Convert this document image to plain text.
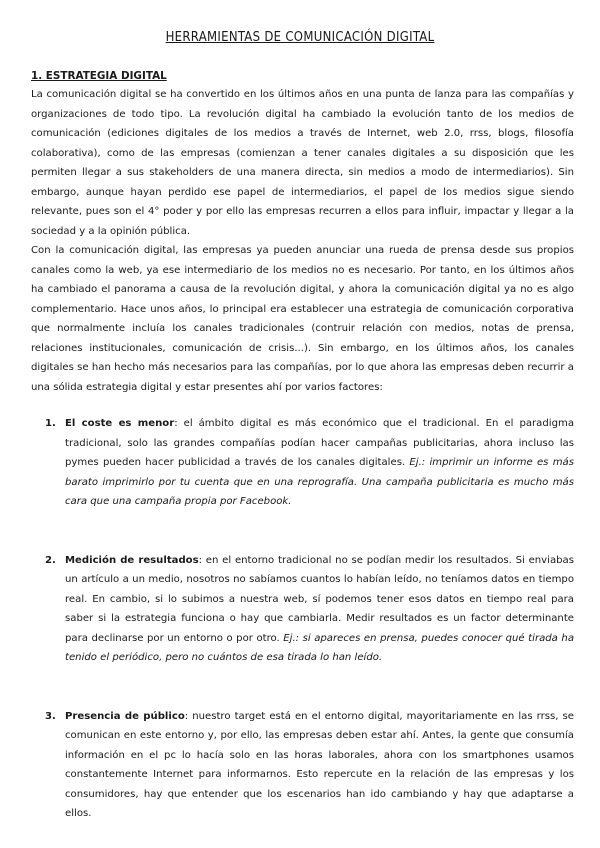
HERRAMIENTAS DE COMUNICACIÓN DIGITAL
1. ESTRATEGIA DIGITAL

La comunicación digital se ha convertido en los últimos años en una punta de lanza para las compañías y organizaciones de todo tipo. La revolución digital ha cambiado la evolución tanto de los medios de comunicación (ediciones digitales de los medios a través de Internet, web 2.0, rrss, blogs, filosofía colaborativa), como de las empresas (comienzan a tener canales digitales a su disposición que les permiten llegar a sus stakeholders de una manera directa, sin medios a modo de intermediarios). Sin embargo, aunque hayan perdido ese papel de intermediarios, el papel de los medios sigue siendo relevante, pues son el 4° poder y por ello las empresas recurren a ellos para influir, impactar y llegar a la sociedad y a la opinión pública.

Con la comunicación digital, las empresas ya pueden anunciar una rueda de prensa desde sus propios canales como la web, ya ese intermediario de los medios no es necesario. Por tanto, en los últimos años ha cambiado el panorama a causa de la revolución digital, y ahora la comunicación digital ya no es algo complementario. Hace unos años, lo principal era establecer una estrategia de comunicación corporativa que normalmente incluía los canales tradicionales (contruir relación con medios, notas de prensa, relaciones institucionales, comunicación de crisis...). Sin embargo, en los últimos años, los canales digitales se han hecho más necesarios para las compañías, por lo que ahora las empresas deben recurrir a una sólida estrategia digital y estar presentes ahí por varios factores:

1. El coste es menor: el ámbito digital es más económico que el tradicional. En el paradigma tradicional, solo las grandes compañías podían hacer campañas publicitarias, ahora incluso las pymes pueden hacer publicidad a través de los canales digitales. Ej.: imprimir un informe es más barato imprimirlo por tu cuenta que en una reprografía. Una campaña publicitaria es mucho más cara que una campaña propia por Facebook.
2. Medición de resultados: en el entorno tradicional no se podían medir los resultados. Si enviabas un artículo a un medio, nosotros no sabíamos cuantos lo habían leído, no teníamos datos en tiempo real. En cambio, si lo subimos a nuestra web, sí podemos tener esos datos en tiempo real para saber si la estrategia funciona o hay que cambiarla. Medir resultados es un factor determinante para declinarse por un entorno o por otro. Ej.: si apareces en prensa, puedes conocer qué tirada ha tenido el periódico, pero no cuántos de esa tirada lo han leído.
3. Presencia de público: nuestro target está en el entorno digital, mayoritariamente en las rrss, se comunican en este entorno y, por ello, las empresas deben estar ahí. Antes, la gente que consumía información en el pc lo hacía solo en las horas laborales, ahora con los smartphones usamos constantemente Internet para informarnos. Esto repercute en la relación de las empresas y los consumidores, hay que entender que los escenarios han ido cambiando y hay que adaptarse a ellos.
